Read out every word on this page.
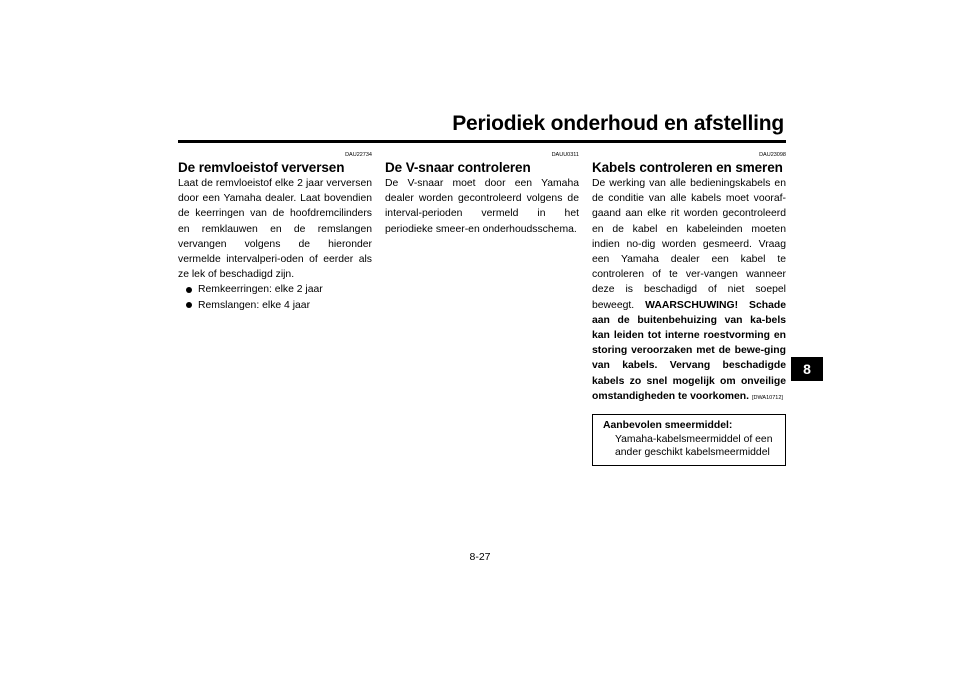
Periodiek onderhoud en afstelling
8
DAU22734
De remvloeistof verversen

Laat de remvloeistof elke 2 jaar verversen door een Yamaha dealer. Laat bovendien de keerringen van de hoofdremcilinders en remklauwen en de remslangen vervangen volgens de hieronder vermelde intervalperi-oden of eerder als ze lek of beschadigd zijn.

Remkeerringen: elke 2 jaar
Remslangen: elke 4 jaar
DAUU0311
De V-snaar controleren

De V-snaar moet door een Yamaha dealer worden gecontroleerd volgens de interval-perioden vermeld in het periodieke smeer-en onderhoudsschema.

DAU23098
Kabels controleren en smeren

De werking van alle bedieningskabels en de conditie van alle kabels moet vooraf-gaand aan elke rit worden gecontroleerd en de kabel en kabeleinden moeten indien no-dig worden gesmeerd. Vraag een Yamaha dealer een kabel te controleren of te ver-vangen wanneer deze is beschadigd of niet soepel beweegt. WAARSCHUWING! Schade aan de buitenbehuizing van ka-bels kan leiden tot interne roestvorming en storing veroorzaken met de bewe-ging van kabels. Vervang beschadigde kabels zo snel mogelijk om onveilige omstandigheden te voorkomen. [DWA10712]

Aanbevolen smeermiddel:
Yamaha-kabelsmeermiddel of een ander geschikt kabelsmeermiddel
8-27
